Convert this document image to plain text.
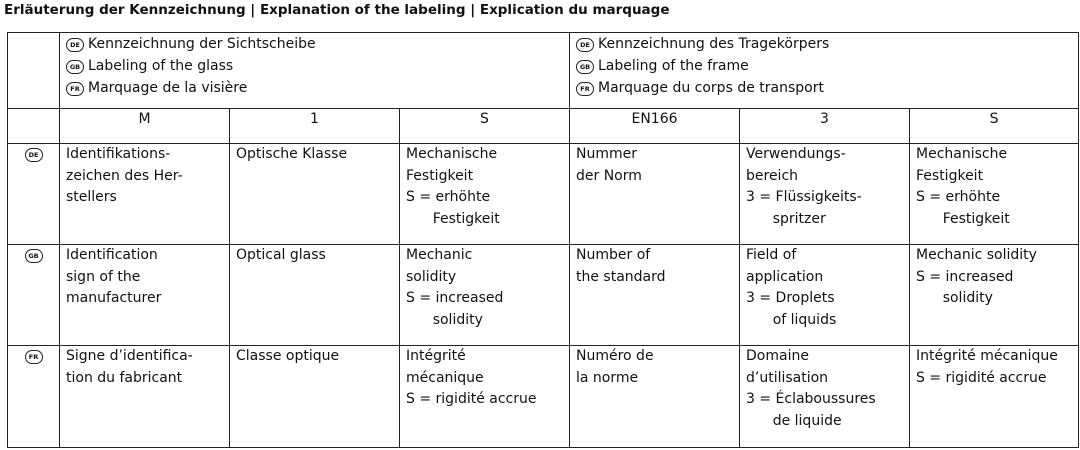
Erläuterung der Kennzeichnung | Explanation of the labeling | Explication du marquage

	DE Kennzeichnung der Sichtscheibe
GB Labeling of the glass
FR Marquage de la visière			DE Kennzeichnung des Tragekörpers
GB Labeling of the frame
FR Marquage du corps de transport		

	M	1	S	EN166	3	S
DE	Identifikations-
zeichen des Her-
stellers	Optische Klasse	Mechanische
Festigkeit
S = erhöhte
Festigkeit	Nummer
der Norm	Verwendungs-
bereich
3 = Flüssigkeits-
spritzer	Mechanische
Festigkeit
S = erhöhte
Festigkeit

GB	Identification
sign of the
manufacturer	Optical glass	Mechanic
solidity
S = increased
solidity	Number of
the standard	Field of
application
3 = Droplets
of liquids	Mechanic solidity
S = increased
solidity

FR	Signe d’identifica-
tion du fabricant	Classe optique	Intégrité
mécanique
S = rigidité accrue	Numéro de
la norme	Domaine
d’utilisation
3 = Éclaboussures
de liquide	Intégrité mécanique
S = rigidité accrue
